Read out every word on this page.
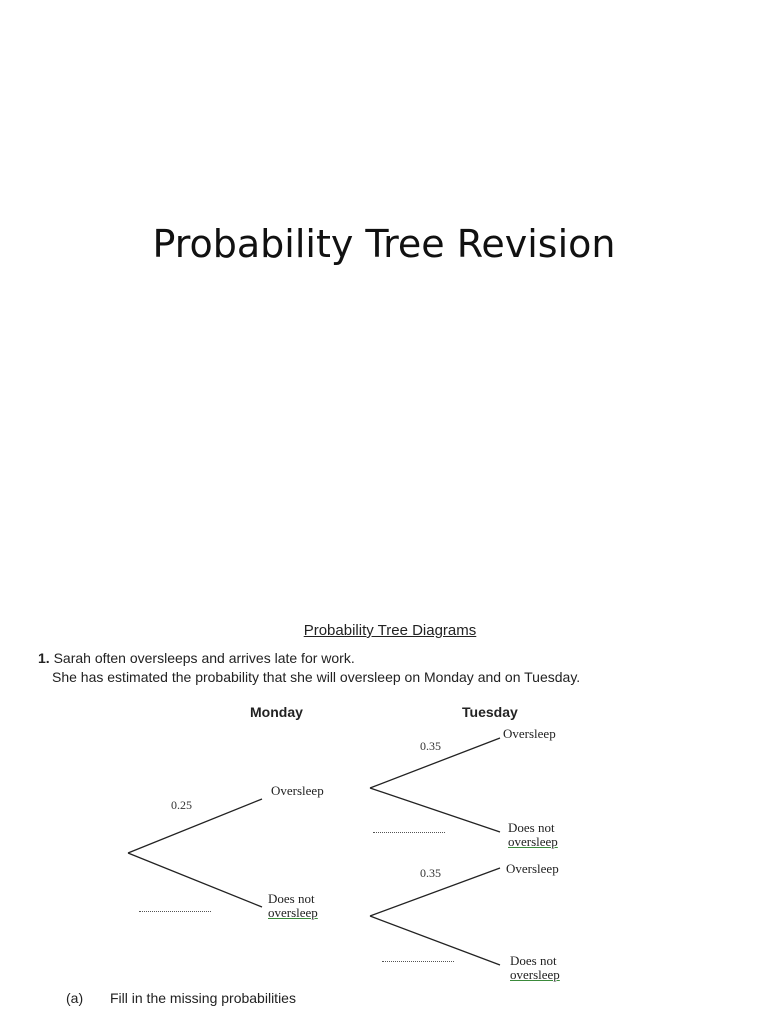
Probability Tree Revision
Probability Tree Diagrams
1. Sarah often oversleeps and arrives late for work.
She has estimated the probability that she will oversleep on Monday and on Tuesday.
Monday	Tuesday
0.25
Oversleep
Does not
oversleep
0.35
Oversleep
Does not
oversleep
0.35	Oversleep
Does not
oversleep
(a) Fill in the missing probabilities
